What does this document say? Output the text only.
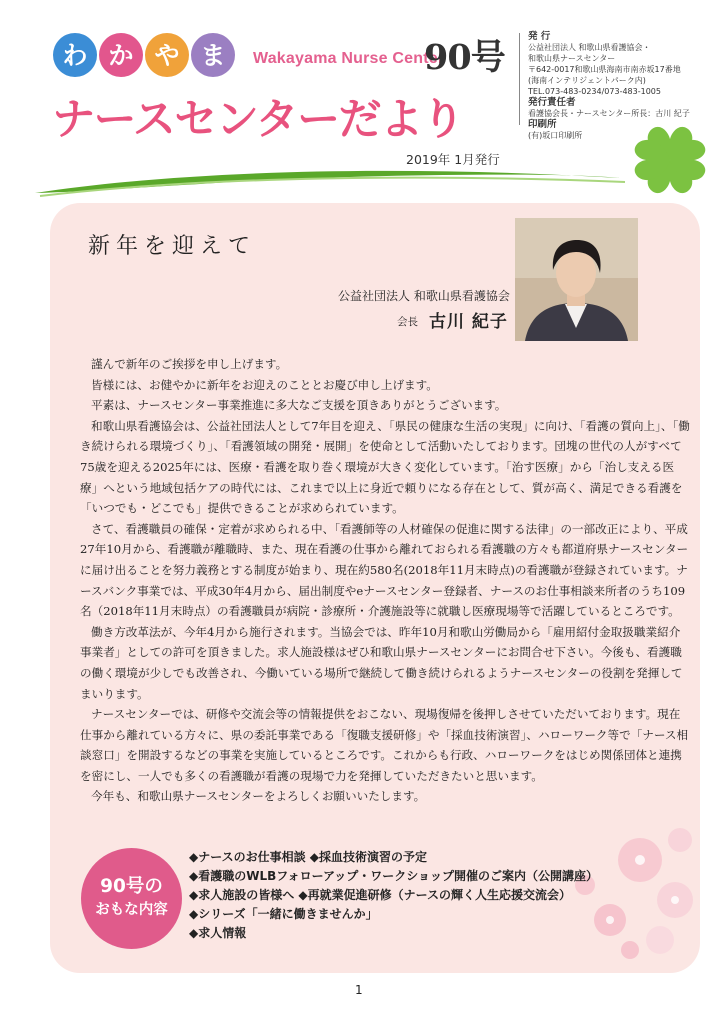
わ か や ま	Wakayama Nurse Center
90号
ナースセンターだより
2019年 1月発行
発 行
公益社団法人 和歌山県看護協会・
和歌山県ナースセンター
〒642-0017和歌山県海南市南赤坂17番地
(海南インテリジェントパーク内)
TEL.073-483-0234/073-483-1005
発行責任者
看護協会長・ナースセンター所長：古川 紀子
印刷所
(有)坂口印刷所
新年を迎えて
公益社団法人 和歌山県看護協会
会長 古川 紀子

謹んで新年のご挨拶を申し上げます。

皆様には、お健やかに新年をお迎えのこととお慶び申し上げます。

平素は、ナースセンター事業推進に多大なご支援を頂きありがとうございます。

和歌山県看護協会は、公益社団法人として7年目を迎え、「県民の健康な生活の実現」に向け、「看護の質向上」、「働き続けられる環境づくり」、「看護領域の開発・展開」を使命として活動いたしております。団塊の世代の人がすべて75歳を迎える2025年には、医療・看護を取り巻く環境が大きく変化しています。「治す医療」から「治し支える医療」へという地域包括ケアの時代には、これまで以上に身近で頼りになる存在として、質が高く、満足できる看護を「いつでも・どこでも」提供できることが求められています。

さて、看護職員の確保・定着が求められる中、「看護師等の人材確保の促進に関する法律」の一部改正により、平成27年10月から、看護職が離職時、また、現在看護の仕事から離れておられる看護職の方々も都道府県ナースセンターに届け出ることを努力義務とする制度が始まり、現在約580名(2018年11月末時点)の看護職が登録されています。ナースバンク事業では、平成30年4月から、届出制度やeナースセンター登録者、ナースのお仕事相談来所者のうち109名（2018年11月末時点）の看護職員が病院・診療所・介護施設等に就職し医療現場等で活躍しているところです。

働き方改革法が、今年4月から施行されます。当協会では、昨年10月和歌山労働局から「雇用紹付金取扱職業紹介事業者」としての許可を頂きました。求人施設様はぜひ和歌山県ナースセンターにお問合せ下さい。今後も、看護職の働く環境が少しでも改善され、今働いている場所で継続して働き続けられるようナースセンターの役割を発揮してまいります。

ナースセンターでは、研修や交流会等の情報提供をおこない、現場復帰を後押しさせていただいております。現在仕事から離れている方々に、県の委託事業である「復職支援研修」や「採血技術演習」、ハローワーク等で「ナース相談窓口」を開設するなどの事業を実施しているところです。これからも行政、ハローワークをはじめ関係団体と連携を密にし、一人でも多くの看護職が看護の現場で力を発揮していただきたいと思います。

今年も、和歌山県ナースセンターをよろしくお願いいたします。

90号の
おもな内容
◆ナースのお仕事相談 ◆採血技術演習の予定
◆看護職のWLBフォローアップ・ワークショップ開催のご案内（公開講座）
◆求人施設の皆様へ ◆再就業促進研修（ナースの輝く人生応援交流会）
◆シリーズ「一緒に働きませんか」
◆求人情報
1
